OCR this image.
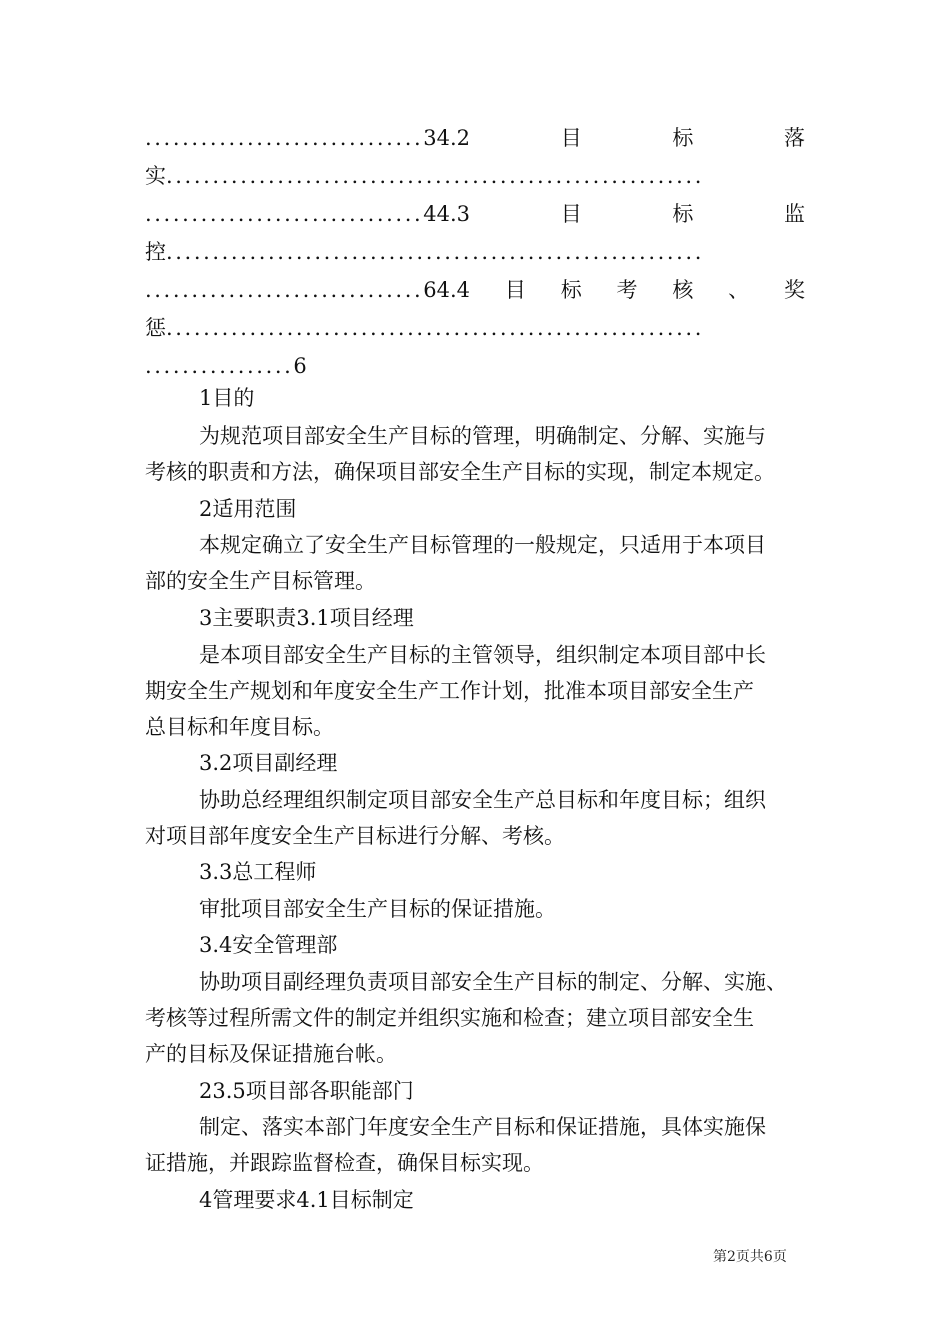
..............................34.2	目	标	落
实..........................................................
..............................44.3	目	标	监
控..........................................................
..............................64.4 目 标 考 核 、 奖
惩..........................................................
................6
1目的
为规范项目部安全生产目标的管理，明确制定、分解、实施与
考核的职责和方法，确保项目部安全生产目标的实现，制定本规定。
2适用范围
本规定确立了安全生产目标管理的一般规定，只适用于本项目
部的安全生产目标管理。
3主要职责3.1项目经理
是本项目部安全生产目标的主管领导，组织制定本项目部中长
期安全生产规划和年度安全生产工作计划，批准本项目部安全生产
总目标和年度目标。
3.2项目副经理
协助总经理组织制定项目部安全生产总目标和年度目标；组织
对项目部年度安全生产目标进行分解、考核。
3.3总工程师
审批项目部安全生产目标的保证措施。
3.4安全管理部
协助项目副经理负责项目部安全生产目标的制定、分解、实施、
考核等过程所需文件的制定并组织实施和检查；建立项目部安全生
产的目标及保证措施台帐。
23.5项目部各职能部门
制定、落实本部门年度安全生产目标和保证措施，具体实施保
证措施，并跟踪监督检查，确保目标实现。
4管理要求4.1目标制定
第2页共6页
